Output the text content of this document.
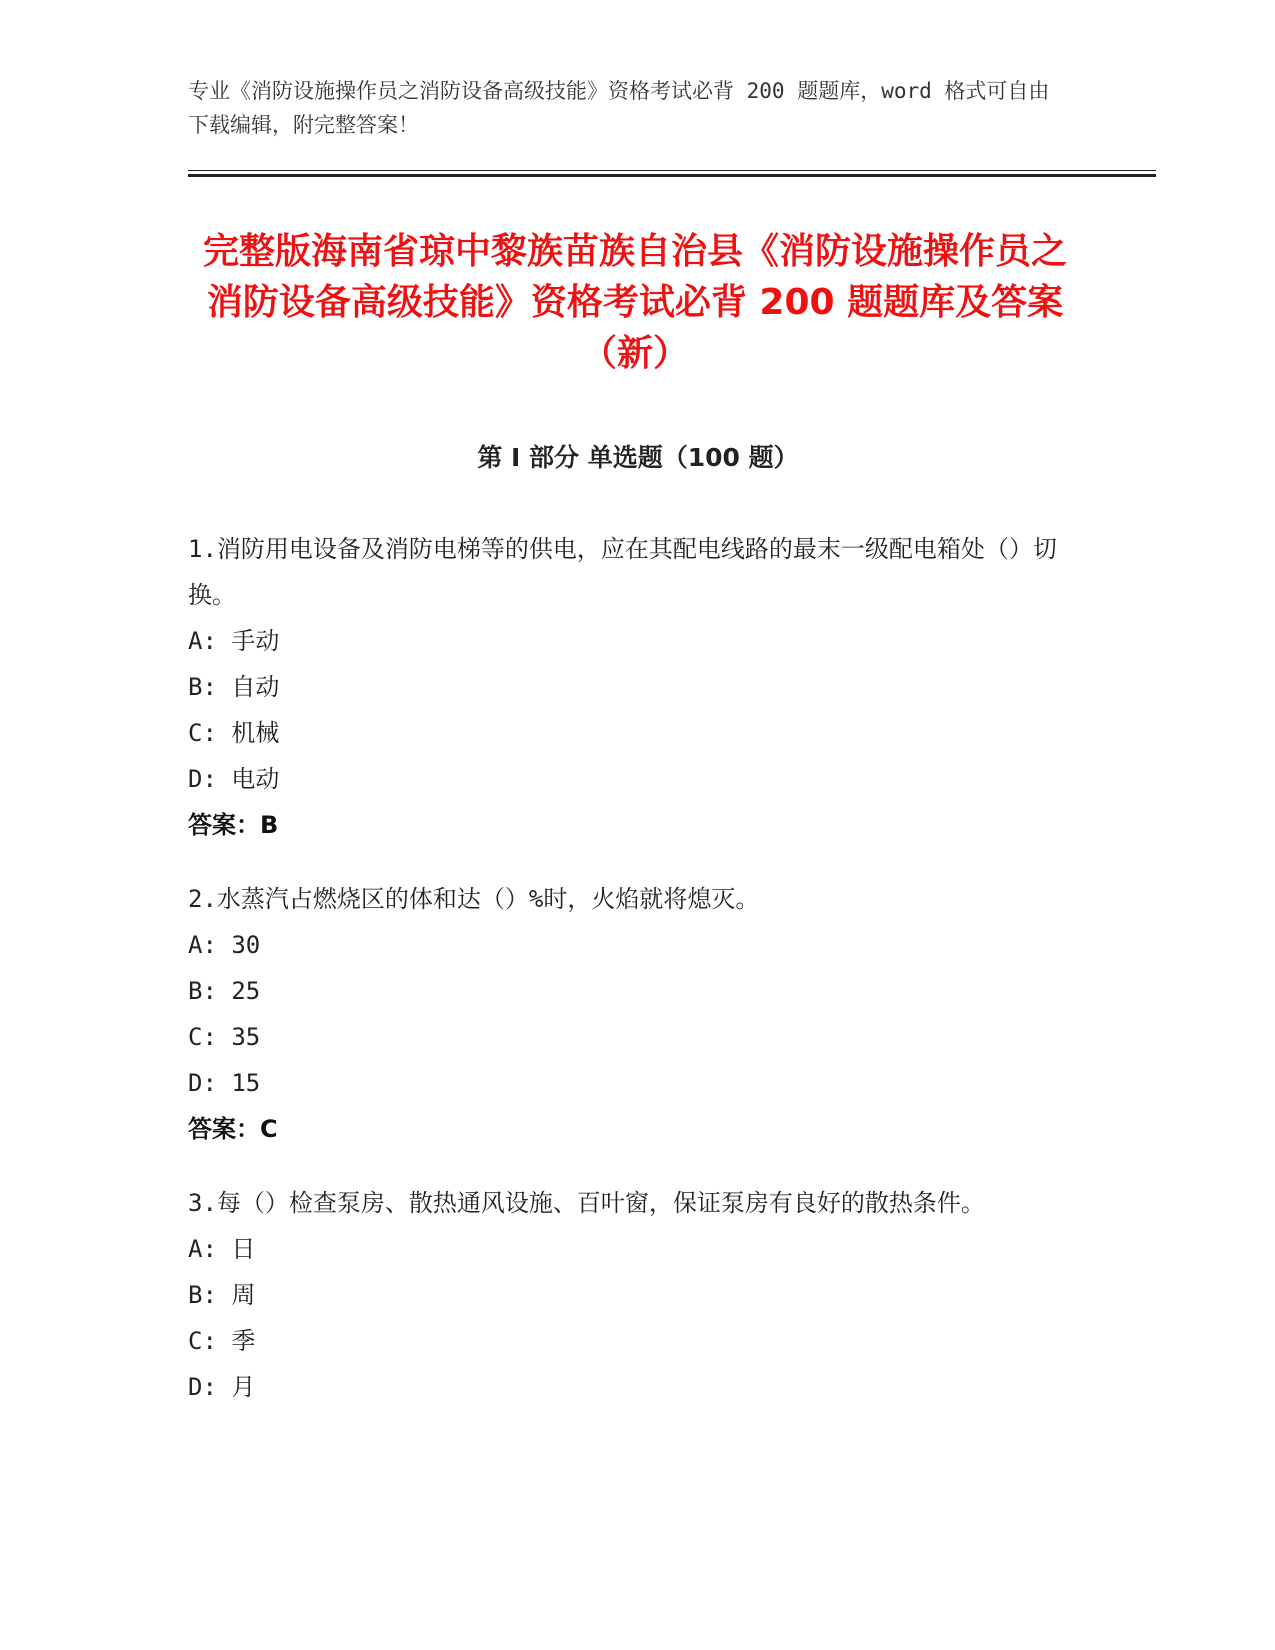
专业《消防设施操作员之消防设备高级技能》资格考试必背 200 题题库，word 格式可自由下载编辑，附完整答案！

完整版海南省琼中黎族苗族自治县《消防设施操作员之消防设备高级技能》资格考试必背 200 题题库及答案（新）
第 I 部分 单选题（100 题）

1.消防用电设备及消防电梯等的供电，应在其配电线路的最末一级配电箱处（）切换。

A: 手动

B: 自动

C: 机械

D: 电动

答案：B

2.水蒸汽占燃烧区的体和达（）%时，火焰就将熄灭。

A: 30

B: 25

C: 35

D: 15

答案：C

3.每（）检查泵房、散热通风设施、百叶窗，保证泵房有良好的散热条件。

A: 日

B: 周

C: 季

D: 月
